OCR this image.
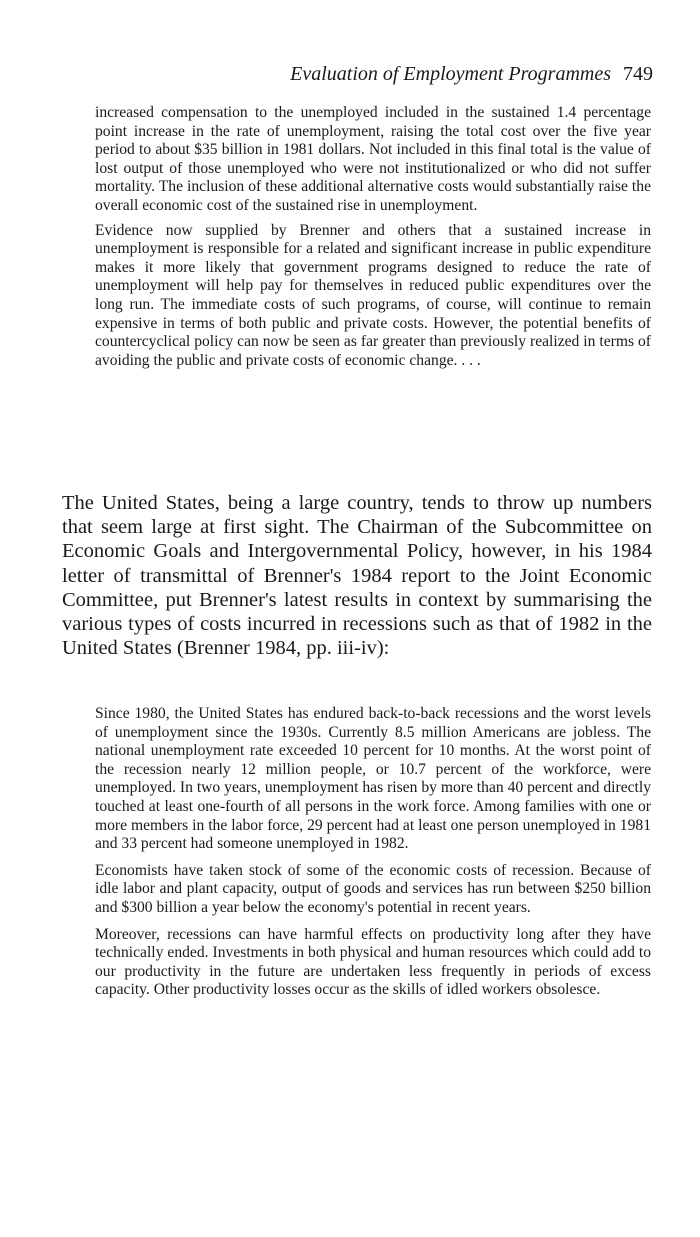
Evaluation of Employment Programmes 749

increased compensation to the unemployed included in the sustained 1.4 percentage point increase in the rate of unemployment, raising the total cost over the five year period to about $35 billion in 1981 dollars. Not included in this final total is the value of lost output of those unemployed who were not institutionalized or who did not suffer mortality. The inclusion of these additional alternative costs would substantially raise the overall economic cost of the sustained rise in unemployment.

Evidence now supplied by Brenner and others that a sustained increase in unemployment is responsible for a related and significant increase in public expenditure makes it more likely that government programs designed to reduce the rate of unemployment will help pay for themselves in reduced public expenditures over the long run. The immediate costs of such programs, of course, will continue to remain expensive in terms of both public and private costs. However, the potential benefits of countercyclical policy can now be seen as far greater than previously realized in terms of avoiding the public and private costs of economic change. . . .

The United States, being a large country, tends to throw up numbers that seem large at first sight. The Chairman of the Subcommittee on Economic Goals and Intergovernmental Policy, however, in his 1984 letter of transmittal of Brenner's 1984 report to the Joint Economic Committee, put Brenner's latest results in context by summarising the various types of costs incurred in recessions such as that of 1982 in the United States (Brenner 1984, pp. iii-iv):

Since 1980, the United States has endured back-to-back recessions and the worst levels of unemployment since the 1930s. Currently 8.5 million Americans are jobless. The national unemployment rate exceeded 10 percent for 10 months. At the worst point of the recession nearly 12 million people, or 10.7 percent of the workforce, were unemployed. In two years, unemployment has risen by more than 40 percent and directly touched at least one-fourth of all persons in the work force. Among families with one or more members in the labor force, 29 percent had at least one person unemployed in 1981 and 33 percent had someone unemployed in 1982.

Economists have taken stock of some of the economic costs of recession. Because of idle labor and plant capacity, output of goods and services has run between $250 billion and $300 billion a year below the economy's potential in recent years.

Moreover, recessions can have harmful effects on productivity long after they have technically ended. Investments in both physical and human resources which could add to our productivity in the future are undertaken less frequently in periods of excess capacity. Other productivity losses occur as the skills of idled workers obsolesce.
